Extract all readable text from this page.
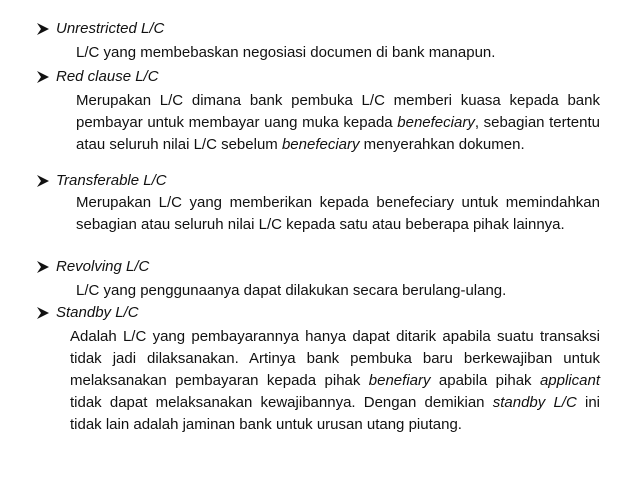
Unrestricted L/C
L/C yang membebaskan negosiasi documen di bank manapun.
Red clause L/C
Merupakan L/C dimana bank pembuka L/C memberi kuasa kepada bank pembayar untuk membayar uang muka kepada benefeciary, sebagian tertentu atau seluruh nilai L/C sebelum benefeciary menyerahkan dokumen.
Transferable L/C
Merupakan L/C yang memberikan kepada benefeciary untuk memindahkan sebagian atau seluruh nilai L/C kepada satu atau beberapa pihak lainnya.
Revolving L/C
L/C yang penggunaanya dapat dilakukan secara berulang-ulang.
Standby L/C
Adalah L/C yang pembayarannya hanya dapat ditarik apabila suatu transaksi tidak jadi dilaksanakan. Artinya bank pembuka baru berkewajiban untuk melaksanakan pembayaran kepada pihak benefiary apabila pihak applicant tidak dapat melaksanakan kewajibannya. Dengan demikian standby L/C ini tidak lain adalah jaminan bank untuk urusan utang piutang.
